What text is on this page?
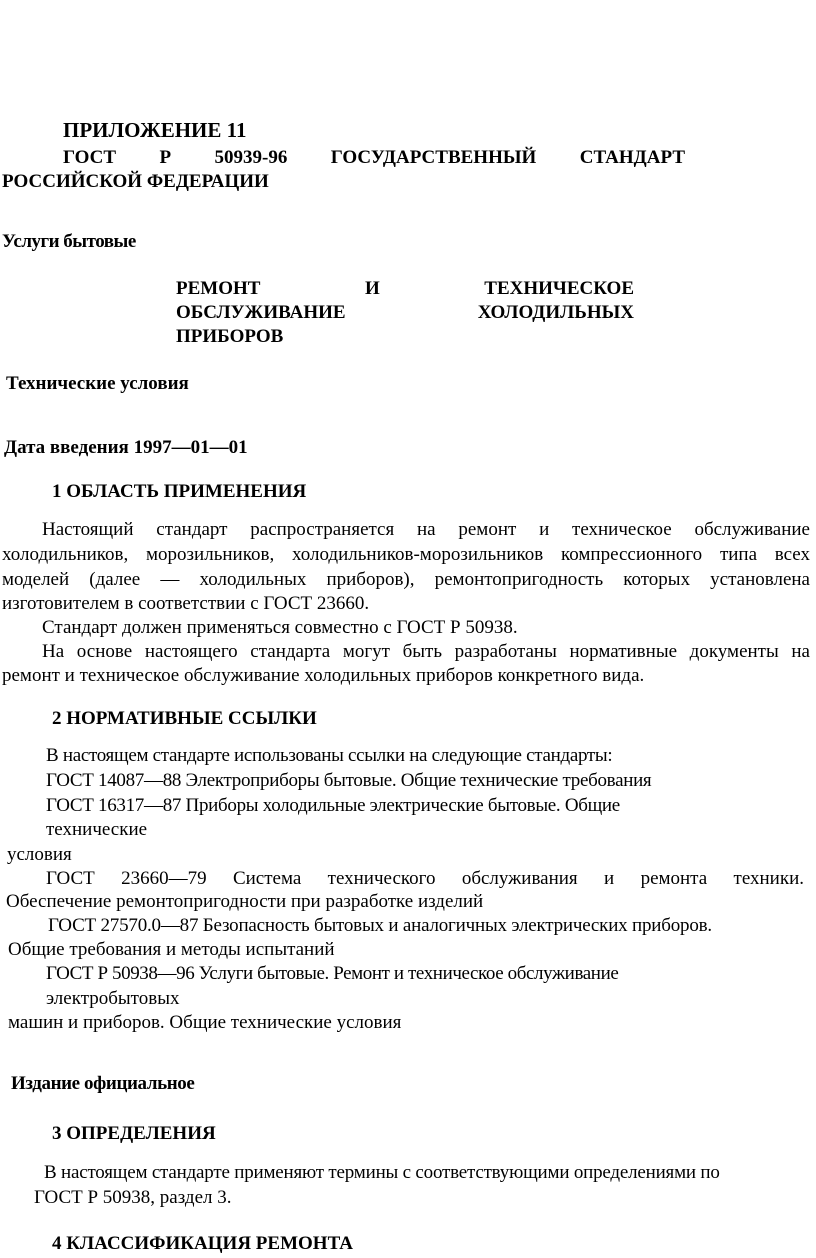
ПРИЛОЖЕНИЕ 11

ГОСТ Р 50939-96 ГОСУДАРСТВЕННЫЙ СТАНДАРТ

РОССИЙСКОЙ ФЕДЕРАЦИИ

Услуги бытовые

РЕМОНТ И ТЕХНИЧЕСКОЕ

ОБСЛУЖИВАНИЕ ХОЛОДИЛЬНЫХ

ПРИБОРОВ

Технические условия

Дата введения 1997—01—01

1 ОБЛАСТЬ ПРИМЕНЕНИЯ

Настоящий стандарт распространяется на ремонт и техническое обслуживание

холодильников, морозильников, холодильников-морозильников компрессионного типа всех

моделей (далее — холодильных приборов), ремонтопригодность которых установлена

изготовителем в соответствии с ГОСТ 23660.

Стандарт должен применяться совместно с ГОСТ Р 50938.

На основе настоящего стандарта могут быть разработаны нормативные документы на

ремонт и техническое обслуживание холодильных приборов конкретного вида.

2 НОРМАТИВНЫЕ ССЫЛКИ

В настоящем стандарте использованы ссылки на следующие стандарты:

ГОСТ 14087—88 Электроприборы бытовые. Общие технические требования

ГОСТ 16317—87 Приборы холодильные электрические бытовые. Общие

технические

условия

ГОСТ 23660—79 Система технического обслуживания и ремонта техники.

Обеспечение ремонтопригодности при разработке изделий

ГОСТ 27570.0—87 Безопасность бытовых и аналогичных электрических приборов.

Общие требования и методы испытаний

ГОСТ Р 50938—96 Услуги бытовые. Ремонт и техническое обслуживание

электробытовых

машин и приборов. Общие технические условия

Издание официальное

3 ОПРЕДЕЛЕНИЯ

В настоящем стандарте применяют термины с соответствующими определениями по

ГОСТ Р 50938, раздел 3.

4 КЛАССИФИКАЦИЯ РЕМОНТА
